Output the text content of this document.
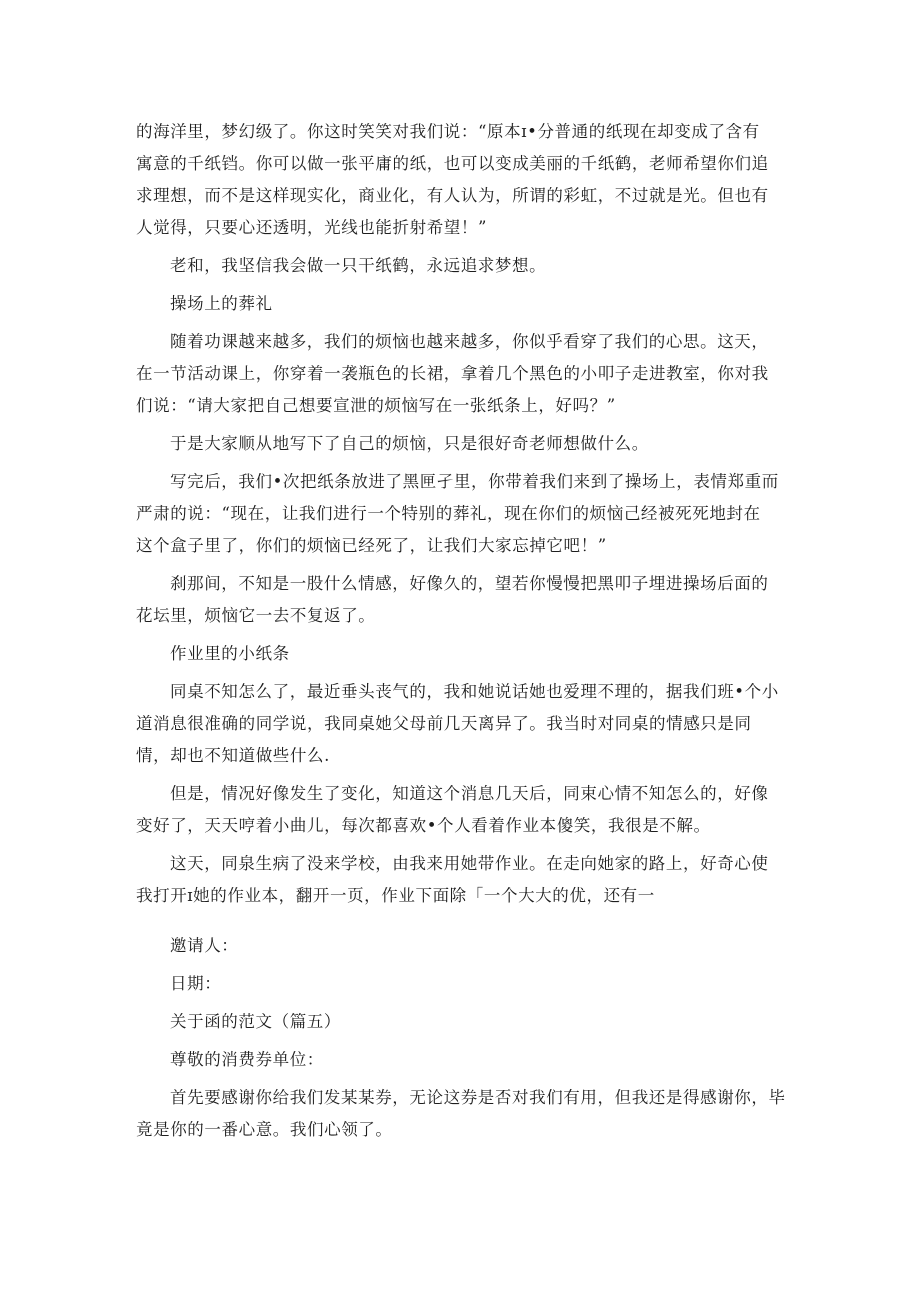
的海洋里，梦幻级了。你这时笑笑对我们说：“原本ɪ•分普通的纸现在却变成了含有
寓意的千纸铛。你可以做一张平庸的纸，也可以变成美丽的千纸鹤，老师希望你们追
求理想，而不是这样现实化，商业化，有人认为，所谓的彩虹，不过就是光。但也有
人觉得，只要心还透明，光线也能折射希望！”
老和，我坚信我会做一只干纸鹤，永远追求梦想。
操场上的葬礼
随着功课越来越多，我们的烦恼也越来越多，你似乎看穿了我们的心思。这天，
在一节活动课上，你穿着一袭瓶色的长裙，拿着几个黑色的小叩子走进教室，你对我
们说：“请大家把自己想要宣泄的烦恼写在一张纸条上，好吗？”
于是大家顺从地写下了自己的烦恼，只是很好奇老师想做什么。
写完后，我们•次把纸条放进了黑匣孑里，你带着我们来到了操场上，表情郑重而
严肃的说：“现在，让我们进行一个特别的葬礼，现在你们的烦恼己经被死死地封在
这个盒子里了，你们的烦恼已经死了，让我们大家忘掉它吧！”
刹那间，不知是一股什么情感，好像久的，望若你慢慢把黑叩子埋进操场后面的
花坛里，烦恼它一去不复返了。
作业里的小纸条
同桌不知怎么了，最近垂头丧气的，我和她说话她也爱理不理的，据我们班•个小
道消息很准确的同学说，我同桌她父母前几天离异了。我当时对同桌的情感只是同
情，却也不知道做些什么.
但是，情况好像发生了变化，知道这个消息几天后，同束心情不知怎么的，好像
变好了，天天哼着小曲儿，每次都喜欢•个人看着作业本傻笑，我很是不解。
这天，同泉生病了没来学校，由我来用她带作业。在走向她家的路上，好奇心使
我打开ɪ她的作业本，翻开一页，作业下面除「一个大大的优，还有一
邀请人：
日期：
关于函的范文（篇五）
尊敬的消费券单位：
首先要感谢你给我们发某某券，无论这券是否对我们有用，但我还是得感谢你，毕
竟是你的一番心意。我们心领了。
